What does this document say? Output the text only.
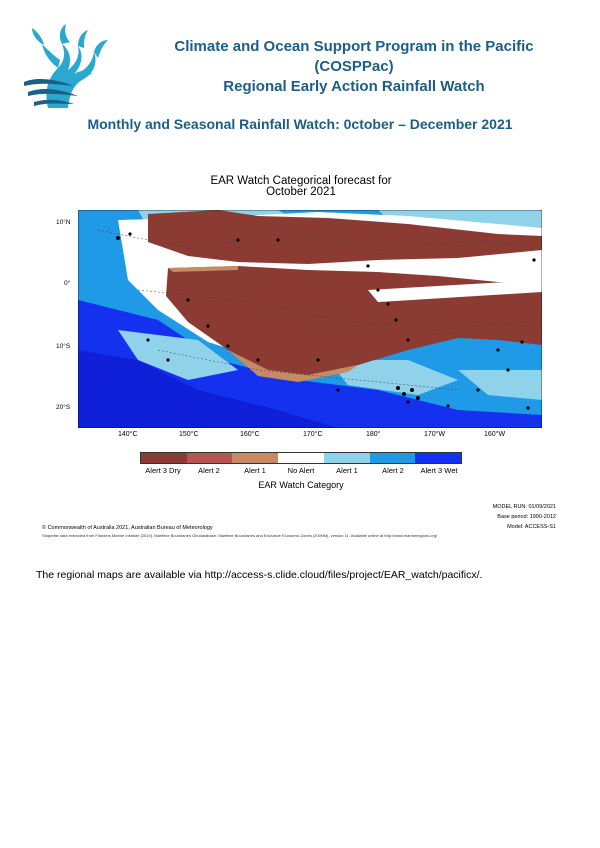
Climate and Ocean Support Program in the Pacific
(COSPPac)
Regional Early Action Rainfall Watch
Monthly and Seasonal Rainfall Watch: 0ctober – December 2021
EAR Watch Categorical forecast for
October 2021
10°N
0°
10°S
20°S
140°C	150°C	160°C	170°C	180°	170°W	160°W
Alert 3 Dry	Alert 2	Alert 1	No Alert	Alert 1	Alert 2	Alert 3 Wet
EAR Watch Category
MODEL RUN: 01/09/2021
Base period: 1990-2012
Model: ACCESS-S1
© Commonwealth of Australia 2021, Australian Bureau of Meteorology
Shapefile data extracted from Flanders Marine Institute (2019). Maritime Boundaries Geodatabase: Maritime Boundaries and Exclusive Economic Zones (200NM), version 11. Available online at http://www.marineregions.org/
The regional maps are available via http://access-s.clide.cloud/files/project/EAR_watch/pacificx/.
